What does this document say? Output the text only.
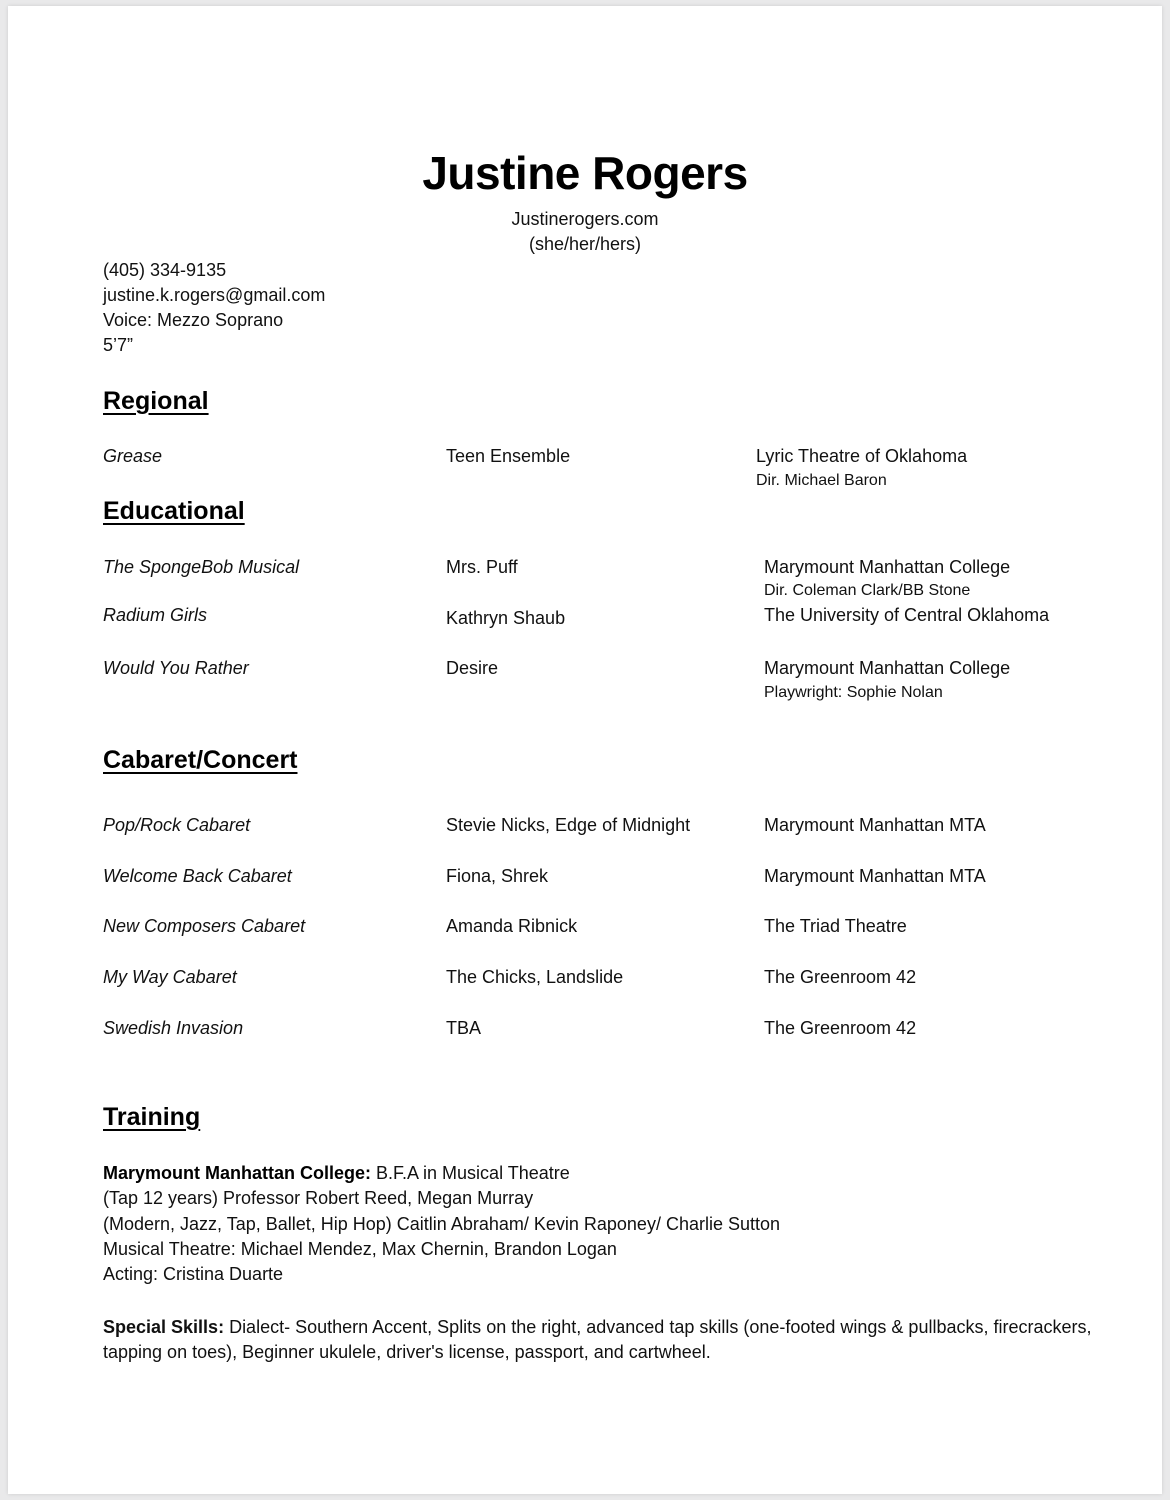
Justine Rogers
Justinerogers.com
(she/her/hers)
(405) 334-9135
justine.k.rogers@gmail.com
Voice: Mezzo Soprano
5’7”
Regional
Grease	Teen Ensemble	Lyric Theatre of Oklahoma
Dir. Michael Baron
Educational
The SpongeBob Musical	Mrs. Puff	Marymount Manhattan College
Dir. Coleman Clark/BB Stone
Radium Girls	Kathryn Shaub	The University of Central Oklahoma
Would You Rather	Desire	Marymount Manhattan College
Playwright: Sophie Nolan
Cabaret/Concert
Pop/Rock Cabaret	Stevie Nicks, Edge of Midnight	Marymount Manhattan MTA
Welcome Back Cabaret	Fiona, Shrek	Marymount Manhattan MTA
New Composers Cabaret	Amanda Ribnick	The Triad Theatre
My Way Cabaret	The Chicks, Landslide	The Greenroom 42
Swedish Invasion	TBA	The Greenroom 42
Training
Marymount Manhattan College: B.F.A in Musical Theatre
(Tap 12 years) Professor Robert Reed, Megan Murray
(Modern, Jazz, Tap, Ballet, Hip Hop) Caitlin Abraham/ Kevin Raponey/ Charlie Sutton
Musical Theatre: Michael Mendez, Max Chernin, Brandon Logan
Acting: Cristina Duarte
Special Skills: Dialect- Southern Accent, Splits on the right, advanced tap skills (one-footed wings & pullbacks, firecrackers, tapping on toes), Beginner ukulele, driver's license, passport, and cartwheel.
